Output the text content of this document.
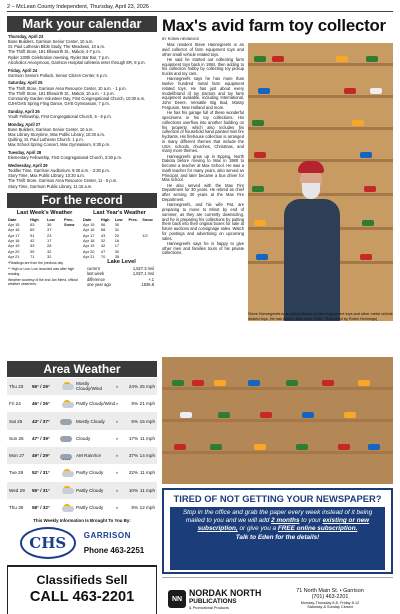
2 – McLean County Independent, Thursday, April 23, 2026
Mark your calendar
Thursday, April 23

Bone Builders, Garrison Senior Center, 10 a.m.

St. Paul Lutheran Bible Study, The Meadows, 10 a.m.

The Thrift Store, 181 Ellsworth St., Makoti, 4-7 p.m.

Ryder 130th Celebration meeting, Ryder Bar Bar, 7 p.m.

Alcoholics Anonymous, Garrison Hospital cafeteria enter through ER, 8 p.m.

Friday, April 24

Garrison Seniors Potluck, Senior Citizen Center, 6 p.m.

Saturday, April 25

The Thrift Store, Garrison Area Resource Center, 10 a.m. - 1 p.m.

The Thrift Store, 181 Ellsworth St., Makoti, 10 a.m. - 1 p.m.

Community Garden Volunteer Day, First Congregational Church, 10:30 a.m.

GJH/GHS Spring Fling Dance, GHS Gymnasium, 7 p.m.

Sunday, April 26

Youth Fellowship, First Congregational Church, 5 - 8 p.m.

Monday, April 27

Bone Builders, Garrison Senior Center, 10 a.m.

Max Library Storytime, Max Public Library, 10:30 a.m.

Quilting, St. Paul Lutheran Church, 1 p.m.

Max School Spring Concert, Max Gymnasium, 6:30 p.m.

Tuesday, April 28

Elementary Fellowship, First Congregational Church, 3:30 p.m.

Wednesday, April 29

Toddler Time, Garrison Auditorium, 9:30 a.m. - 2:30 p.m.

Story Time, Max Public Library, 10:30 a.m.

The Thrift Store, Garrison Area Resource Center, 11 - 5 p.m.

Story Time, Garrison Public Library, 11:15 a.m.

For the record
Last Week's Weather
Date	High	Low	Prec. Snow
Apr 15	63	36
Apr 16	69	37
Apr 17	51	23
Apr 18	42	17
Apr 19	53	28
Apr 20	59	32
Apr 21	71	32
*Readings are from the previous day
** High or Low: Low recorded was after high reading.
Weather courtesy of Ike and Jan Mertz, official weather observers.
Last Year's Weather
Date	High	Low	Prec.	Snow
Apr 15	56	30
Apr 16	68	31
Apr 17	43	20	1/2
Apr 18	32	16
Apr 19	42	17
Apr 20	47	30
Apr 21	70	35
Lake Level
current	1,827.3 msl
last week	1,827.1 msl
difference	+.1
one year ago	1836.8
Area Weather
Thu 23	56° / 29°	Mostly Cloudy/Wind	♦	24% 25 mph
Fri 24	46° / 26°	Partly Cloudy/Wind ♦	8% 21 mph
Sat 25	43° / 37°	Mostly Cloudy	♦	6% 15 mph
Sun 26	47° / 39°	Cloudy	♦	17% 11 mph
Mon 27	49° / 29°	AM Rain/Ice	♦	37% 14 mph
Tue 28	52° / 31°	Partly Cloudy	♦	22% 11 mph
Wed 29	55° / 31°	Partly Cloudy	♦	10% 11 mph
Thu 30	58° / 32°	Partly Cloudy	♦	8% 12 mph
This Weekly Information Is Brought To You By:
CHS	GARRISON
Phone 463-2251
Classifieds Sell
CALL 463-2201
Max's avid farm toy collector
BY ROBIN HENNINGS

Max resident Steve Hannegreefs is an avid collector of farm equipment toys and other small vehicle related toys.

He said he started out collecting farm equipment toys back in 1984, then adding to his collection hobby by collecting toy pickup trucks and toy cars.

Hannegreefs says he has more than twelve hundred metal farm equipment related toys. He has just about every model/brand of toy tractors and toy farm equipment available, including International, John Deere, Versatile Big Bud, Massy Ferguson, New Holland and more.

He has his garage full of these wonderful specimens in his toy collections. His collections overflow into another building on his property, which also includes his collection of household hand painted mini fire hydrants. His firehouse collection is arranged in many different themes that include the USA, schools, churches, Christmas, and many more themes.

Hannegreefs grew up in Epping, North Dakota before moving to Max in 1980 to become a teacher at Max School. He was a math teacher for many years, also served as Principal, and later became a bus driver for Max school.

He also served with the Max Fire Department for 30 years. He retired as chief after serving 30 years at the Max Fire Department.

Hannegreefs, and his wife Pat, are preparing to move to Minot by end of summer, as they are currently downsizing, and he is preparing his collections by putting them back into their original boxes for sale at future auctions and consignage sales. Watch for postings and advertising on upcoming sales.

Hannegreefs says he is happy to give other men and families tours of his private collections.

Steve Hannegreefs is an avid collector of farm equipment toys and other metal vehicle related toys. He has lived in Max since 1986. (Submitted by Robin Hennings)
TIRED OF NOT GETTING YOUR NEWSPAPER?
Stop in the office and grab the paper every week instead of it being mailed to you and we will add 2 months to your existing or new subscription, or give you a FREE online subscription.
Talk to Eden for the details!
NN
NORDAK NORTH
PUBLICATIONS
& Promotional Products
71 North Main St. • Garrison
(701) 463-2201
Monday-Thursday 8-5, Friday 8-12
Saturday & Sunday Closed
